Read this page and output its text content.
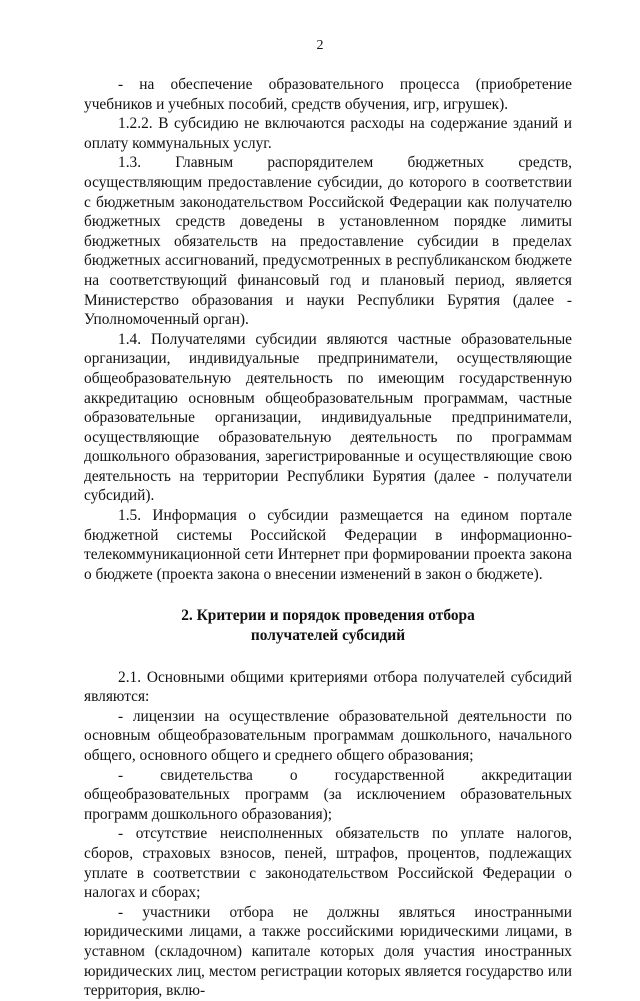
2

- на обеспечение образовательного процесса (приобретение учебников и учебных пособий, средств обучения, игр, игрушек).

1.2.2. В субсидию не включаются расходы на содержание зданий и оплату коммунальных услуг.

1.3. Главным распорядителем бюджетных средств, осуществляющим предоставление субсидии, до которого в соответствии с бюджетным законодательством Российской Федерации как получателю бюджетных средств доведены в установленном порядке лимиты бюджетных обязательств на предоставление субсидии в пределах бюджетных ассигнований, предусмотренных в республиканском бюджете на соответствующий финансовый год и плановый период, является Министерство образования и науки Республики Бурятия (далее - Уполномоченный орган).

1.4. Получателями субсидии являются частные образовательные организации, индивидуальные предприниматели, осуществляющие общеобразовательную деятельность по имеющим государственную аккредитацию основным общеобразовательным программам, частные образовательные организации, индивидуальные предприниматели, осуществляющие образовательную деятельность по программам дошкольного образования, зарегистрированные и осуществляющие свою деятельность на территории Республики Бурятия (далее - получатели субсидий).

1.5. Информация о субсидии размещается на едином портале бюджетной системы Российской Федерации в информационно-телекоммуникационной сети Интернет при формировании проекта закона о бюджете (проекта закона о внесении изменений в закон о бюджете).

2. Критерии и порядок проведения отбора
получателей субсидий

2.1. Основными общими критериями отбора получателей субсидий являются:

- лицензии на осуществление образовательной деятельности по основным общеобразовательным программам дошкольного, начального общего, основного общего и среднего общего образования;

- свидетельства о государственной аккредитации общеобразовательных программ (за исключением образовательных программ дошкольного образования);

- отсутствие неисполненных обязательств по уплате налогов, сборов, страховых взносов, пеней, штрафов, процентов, подлежащих уплате в соответствии с законодательством Российской Федерации о налогах и сборах;

- участники отбора не должны являться иностранными юридическими лицами, а также российскими юридическими лицами, в уставном (складочном) капитале которых доля участия иностранных юридических лиц, местом регистрации которых является государство или территория, вклю-
